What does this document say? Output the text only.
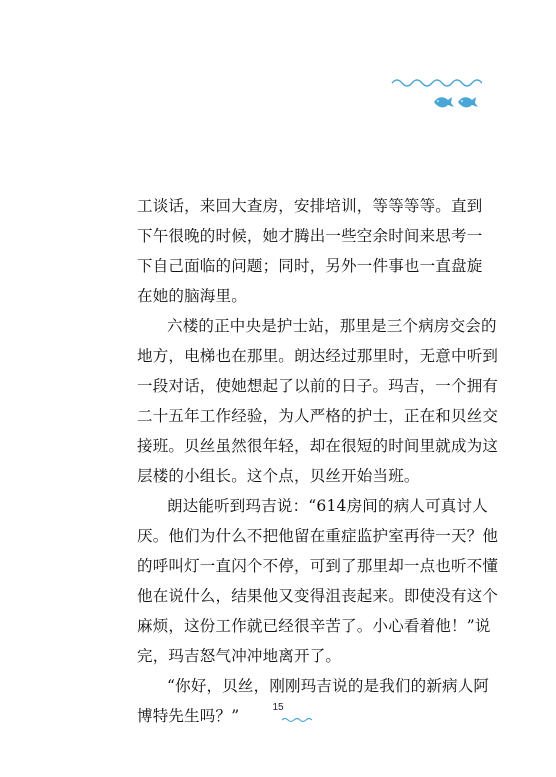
工谈话，来回大查房，安排培训，等等等等。直到
下午很晚的时候，她才腾出一些空余时间来思考一
下自己面临的问题；同时，另外一件事也一直盘旋
在她的脑海里。
六楼的正中央是护士站，那里是三个病房交会的
地方，电梯也在那里。朗达经过那里时，无意中听到
一段对话，使她想起了以前的日子。玛吉，一个拥有
二十五年工作经验，为人严格的护士，正在和贝丝交
接班。贝丝虽然很年轻，却在很短的时间里就成为这
层楼的小组长。这个点，贝丝开始当班。
朗达能听到玛吉说：“614房间的病人可真讨人
厌。他们为什么不把他留在重症监护室再待一天？他
的呼叫灯一直闪个不停，可到了那里却一点也听不懂
他在说什么，结果他又变得沮丧起来。即使没有这个
麻烦，这份工作就已经很辛苦了。小心看着他！”说
完，玛吉怒气冲冲地离开了。
“你好，贝丝，刚刚玛吉说的是我们的新病人阿
博特先生吗？”	15
